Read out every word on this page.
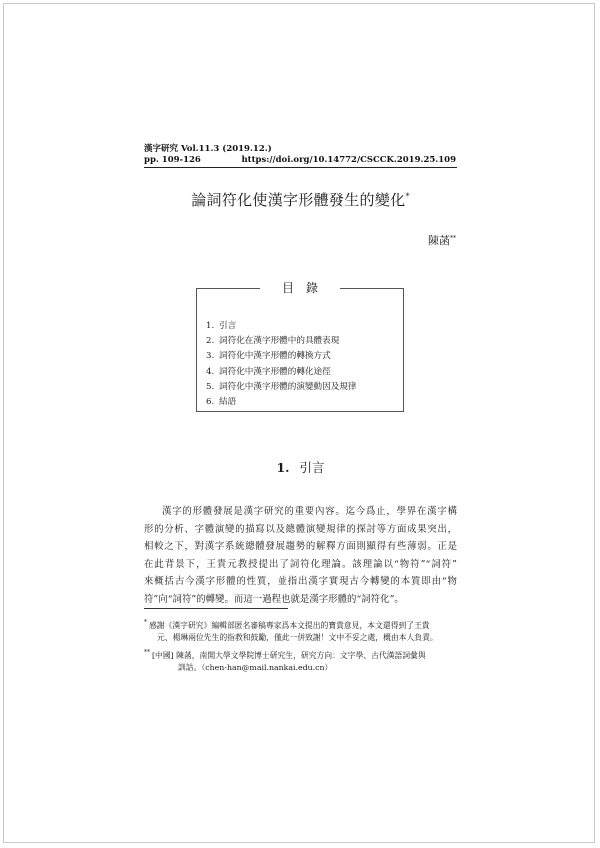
漢字研究 Vol.11.3 (2019.12.)
pp. 109-126	https://doi.org/10.14772/CSCCK.2019.25.109
論詞符化使漢字形體發生的變化*
陳菡**
目錄
1. 引言
2. 詞符化在漢字形體中的具體表現
3. 詞符化中漢字形體的轉換方式
4. 詞符化中漢字形體的轉化途徑
5. 詞符化中漢字形體的演變動因及規律
6. 結語
1. 引言

漢字的形體發展是漢字研究的重要內容。迄今爲止，學界在漢字構
形的分析、字體演變的描寫以及總體演變規律的探討等方面成果突出，
相較之下，對漢字系統總體發展趨勢的解釋方面則顯得有些薄弱。正是
在此背景下，王貴元教授提出了詞符化理論。該理論以“物符”“詞符”
來概括古今漢字形體的性質，並指出漢字實現古今轉變的本質即由“物
符”向“詞符”的轉變。而這一過程也就是漢字形體的“詞符化”。

* 感謝《漢字研究》編輯部匿名審稿專家爲本文提出的寶貴意見，本文還得到了王貴
元、楊琳兩位先生的指教和鼓勵，僅此一併致謝！文中不妥之處，概由本人負責。
** [中國] 陳菡，南開大學文學院博士研究生，研究方向：文字學、古代漢語詞彙與
訓詁。（chen-han@mail.nankai.edu.cn）
